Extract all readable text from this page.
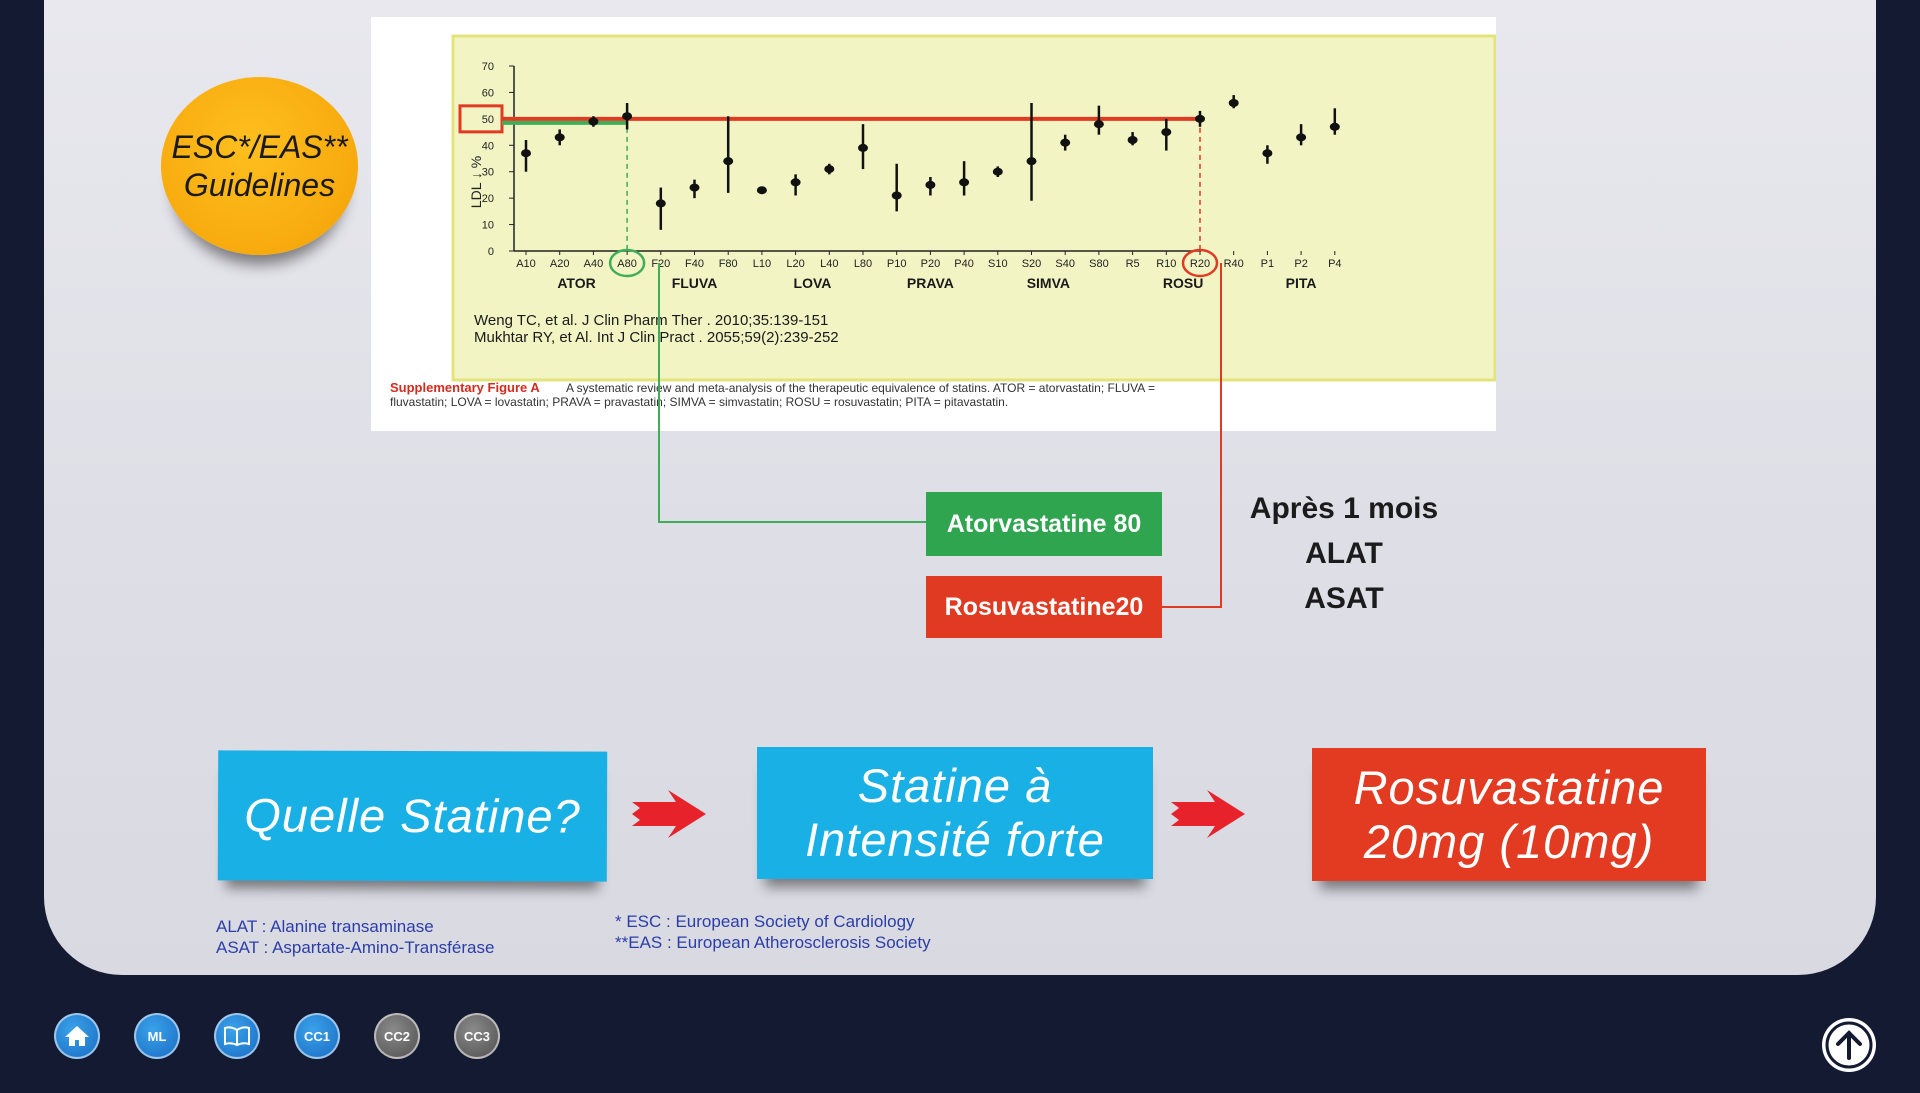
LDL ↓ %
0
10
20
30
40
50
60
70
A10 A20 A40 A80 F20 F40 F80 L10 L20 L40 L80 P10 P20 P40 S10 S20 S40 S80 R5 R10 R20 R40 P1 P2 P4
ATOR	FLUVA	LOVA	PRAVA	SIMVA	ROSU	PITA
Weng TC, et al. J Clin Pharm Ther . 2010;35:139-151
Mukhtar RY, et Al. Int J Clin Pract . 2055;59(2):239-252
Supplementary Figure A A systematic review and meta-analysis of the therapeutic equivalence of statins. ATOR = atorvastatin; FLUVA =
fluvastatin; LOVA = lovastatin; PRAVA = pravastatin; SIMVA = simvastatin; ROSU = rosuvastatin; PITA = pitavastatin.
ESC*/EAS**
Guidelines
Atorvastatine 80
Rosuvastatine20
Après 1 mois
ALAT
ASAT
Quelle Statine?
Statine à
Intensité forte
Rosuvastatine
20mg (10mg)
ALAT : Alanine transaminase
ASAT : Aspartate-Amino-Transférase
* ESC : European Society of Cardiology
**EAS : European Atherosclerosis Society
ML	CC1	CC2	CC3
